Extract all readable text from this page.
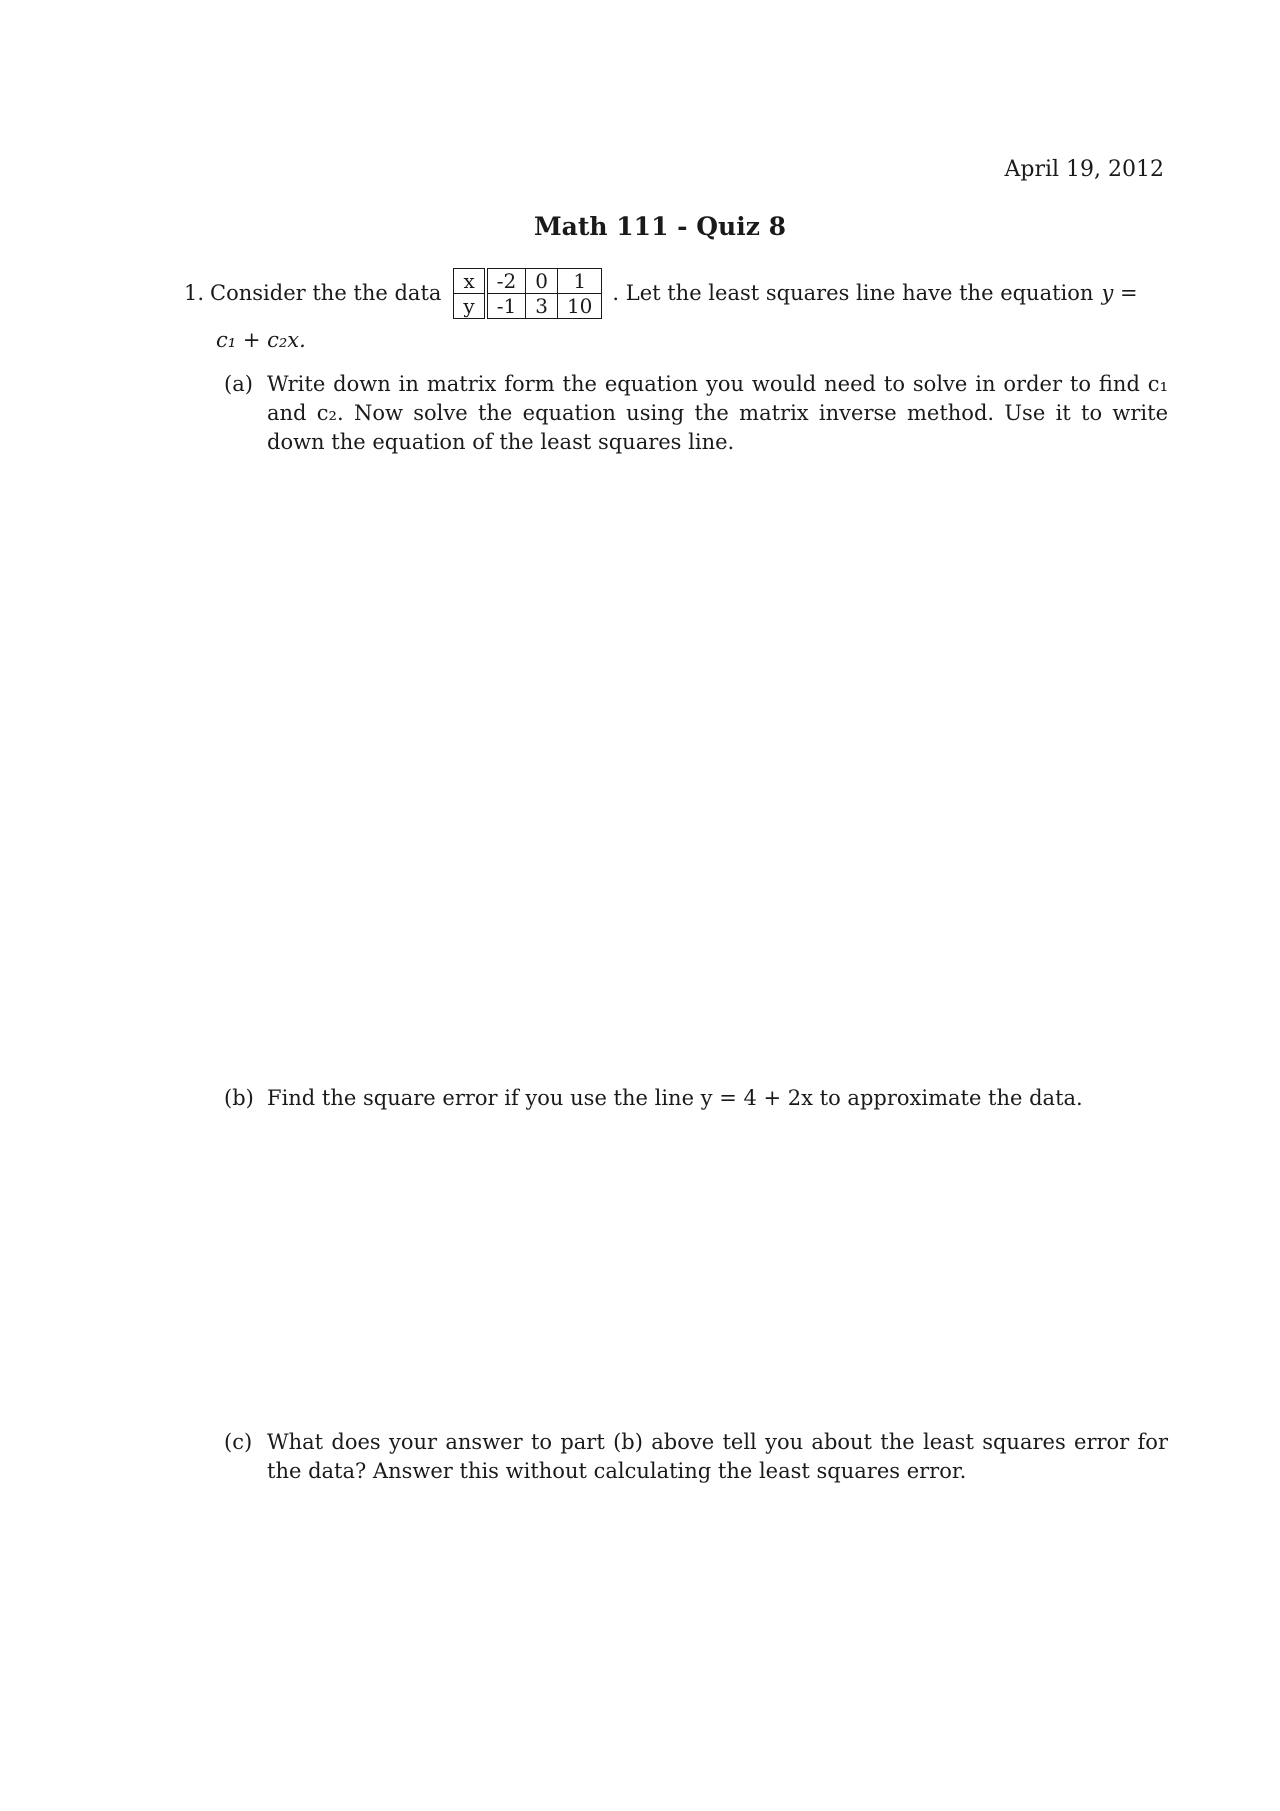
April 19, 2012
Math 111 - Quiz 8
1. Consider the the data x	-2	0	1
y	-1	3	10
. Let the least squares line have the equation y =
c₁ + c₂x.
(a) Write down in matrix form the equation you would need to solve in order to find c₁ and c₂. Now solve the equation using the matrix inverse method. Use it to write down the equation of the least squares line.
(b) Find the square error if you use the line y = 4 + 2x to approximate the data.
(c) What does your answer to part (b) above tell you about the least squares error for the data? Answer this without calculating the least squares error.
